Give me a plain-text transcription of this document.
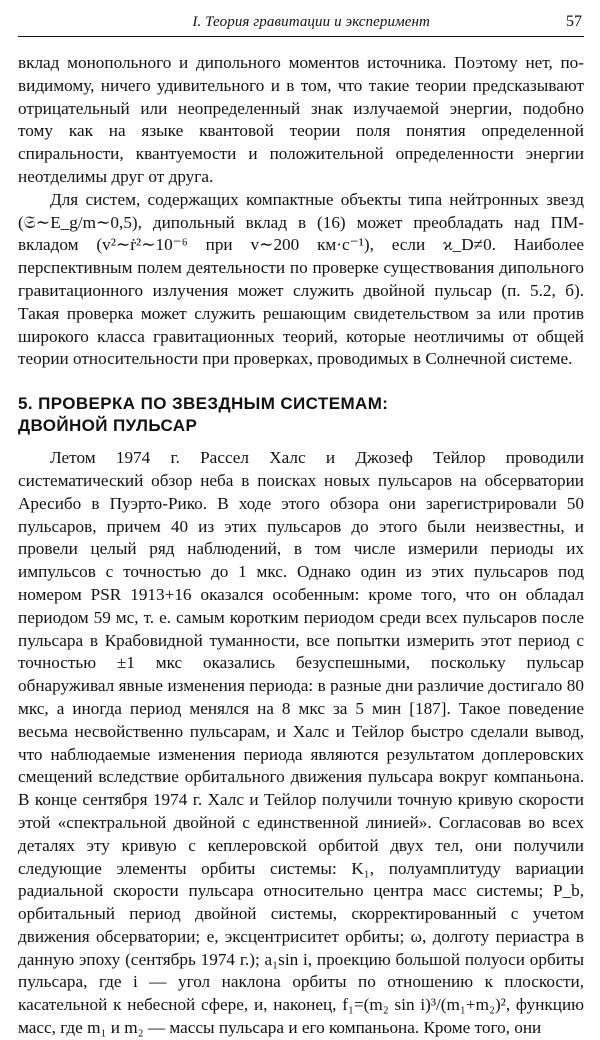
I. Теория гравитации и эксперимент	57

вклад монопольного и дипольного моментов источника. Поэтому нет, по-видимому, ничего удивительного и в том, что такие теории предсказывают отрицательный или неопределенный знак излучаемой энергии, подобно тому как на языке квантовой теории поля понятия определенной спиральности, квантуемости и положительной определенности энергии неотделимы друг от друга.

Для систем, содержащих компактные объекты типа нейтронных звезд (𝔖∼E_g/m∼0,5), дипольный вклад в (16) может преобладать над ПМ-вкладом (v²∼ṙ²∼10⁻⁶ при v∼200 км·с⁻¹), если ϰ_D≠0. Наиболее перспективным полем деятельности по проверке существования дипольного гравитационного излучения может служить двойной пульсар (п. 5.2, б). Такая проверка может служить решающим свидетельством за или против широкого класса гравитационных теорий, которые неотличимы от общей теории относительности при проверках, проводимых в Солнечной системе.

5. ПРОВЕРКА ПО ЗВЕЗДНЫМ СИСТЕМАМ:
ДВОЙНОЙ ПУЛЬСАР

Летом 1974 г. Рассел Халс и Джозеф Тейлор проводили систематический обзор неба в поисках новых пульсаров на обсерватории Аресибо в Пуэрто-Рико. В ходе этого обзора они зарегистрировали 50 пульсаров, причем 40 из этих пульсаров до этого были неизвестны, и провели целый ряд наблюдений, в том числе измерили периоды их импульсов с точностью до 1 мкс. Однако один из этих пульсаров под номером PSR 1913+16 оказался особенным: кроме того, что он обладал периодом 59 мс, т. е. самым коротким периодом среди всех пульсаров после пульсара в Крабовидной туманности, все попытки измерить этот период с точностью ±1 мкс оказались безуспешными, поскольку пульсар обнаруживал явные изменения периода: в разные дни различие достигало 80 мкс, а иногда период менялся на 8 мкс за 5 мин [187]. Такое поведение весьма несвойственно пульсарам, и Халс и Тейлор быстро сделали вывод, что наблюдаемые изменения периода являются результатом доплеровских смещений вследствие орбитального движения пульсара вокруг компаньона. В конце сентября 1974 г. Халс и Тейлор получили точную кривую скорости этой «спектральной двойной с единственной линией». Согласовав во всех деталях эту кривую с кеплеровской орбитой двух тел, они получили следующие элементы орбиты системы: K₁, полуамплитуду вариации радиальной скорости пульсара относительно центра масс системы; P_b, орбитальный период двойной системы, скорректированный с учетом движения обсерватории; e, эксцентриситет орбиты; ω, долготу периастра в данную эпоху (сентябрь 1974 г.); a₁sin i, проекцию большой полуоси орбиты пульсара, где i — угол наклона орбиты по отношению к плоскости, касательной к небесной сфере, и, наконец, f₁=(m₂ sin i)³/(m₁+m₂)², функцию масс, где m₁ и m₂ — массы пульсара и его компаньона. Кроме того, они
